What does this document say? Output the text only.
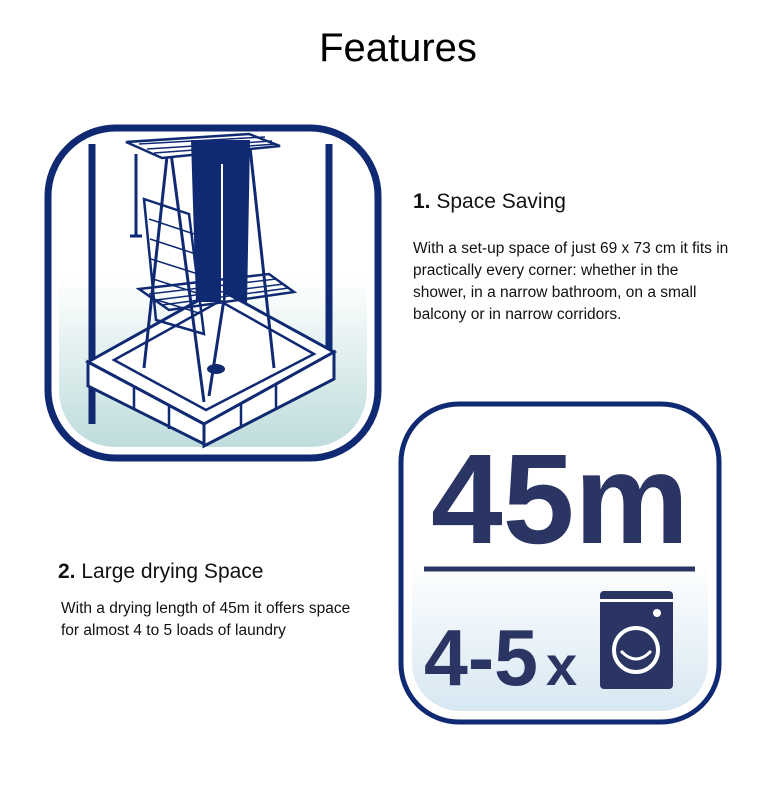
Features
1. Space Saving

With a set-up space of just 69 x 73 cm it fits in practically every corner: whether in the shower, in a narrow bathroom, on a small balcony or in narrow corridors.

2. Large drying Space

With a drying length of 45m it offers space for almost 4 to 5 loads of laundry

45m
4-5 x
